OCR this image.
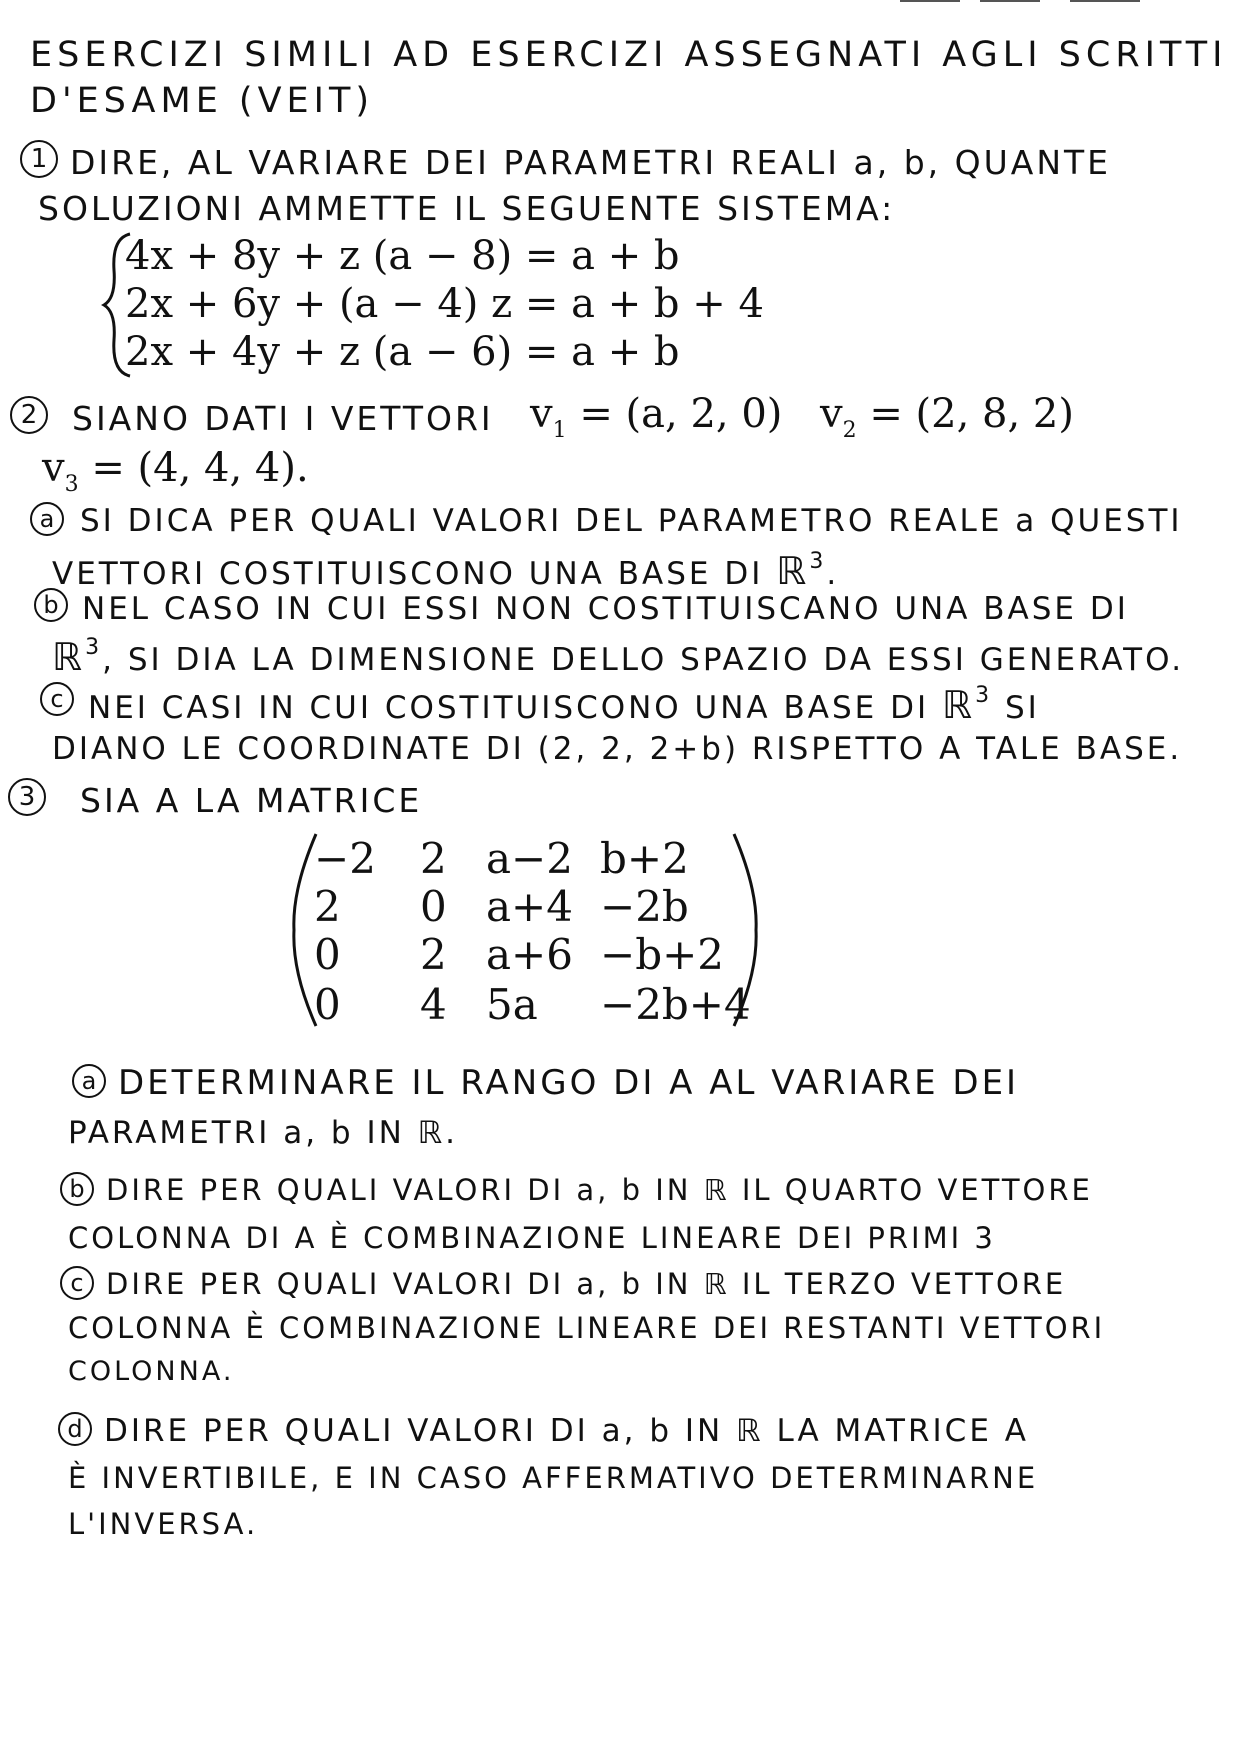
ESERCIZI SIMILI AD ESERCIZI ASSEGNATI AGLI SCRITTI
D'ESAME (VEIT)
1 DIRE, AL VARIARE DEI PARAMETRI REALI a, b, QUANTE
SOLUZIONI AMMETTE IL SEGUENTE SISTEMA:
4x + 8y + z (a − 8) = a + b
2x + 6y + (a − 4) z = a + b + 4
2x + 4y + z (a − 6) = a + b
2	SIANO DATI I VETTORI $v_1 = (a$, 2, 0) $v_2 = (2$, 8, 2)
$v_3 = (4$, 4, 4).
a SI DICA PER QUALI VALORI DEL PARAMETRO REALE a QUESTI
VETTORI COSTITUISCONO UNA BASE DI ℝ$^3$.
b NEL CASO IN CUI ESSI NON COSTITUISCANO UNA BASE DI
ℝ$^3$, SI DIA LA DIMENSIONE DELLO SPAZIO DA ESSI GENERATO.
c NEI CASI IN CUI COSTITUISCONO UNA BASE DI ℝ$^3$ SI
DIANO LE COORDINATE DI (2, 2, 2+b) RISPETTO A TALE BASE.
3	SIA A LA MATRICE
−2 2 a−2 b+2
2 0 a+4 −2b
0 2 a+6 −b+2
0 4 5a −2b+4
a DETERMINARE IL RANGO DI A AL VARIARE DEI
PARAMETRI a, b IN ℝ.
b DIRE PER QUALI VALORI DI a, b IN ℝ IL QUARTO VETTORE
COLONNA DI A È COMBINAZIONE LINEARE DEI PRIMI 3
c DIRE PER QUALI VALORI DI a, b IN ℝ IL TERZO VETTORE
COLONNA È COMBINAZIONE LINEARE DEI RESTANTI VETTORI
COLONNA.
d DIRE PER QUALI VALORI DI a, b IN ℝ LA MATRICE A
È INVERTIBILE, E IN CASO AFFERMATIVO DETERMINARNE
L'INVERSA.
